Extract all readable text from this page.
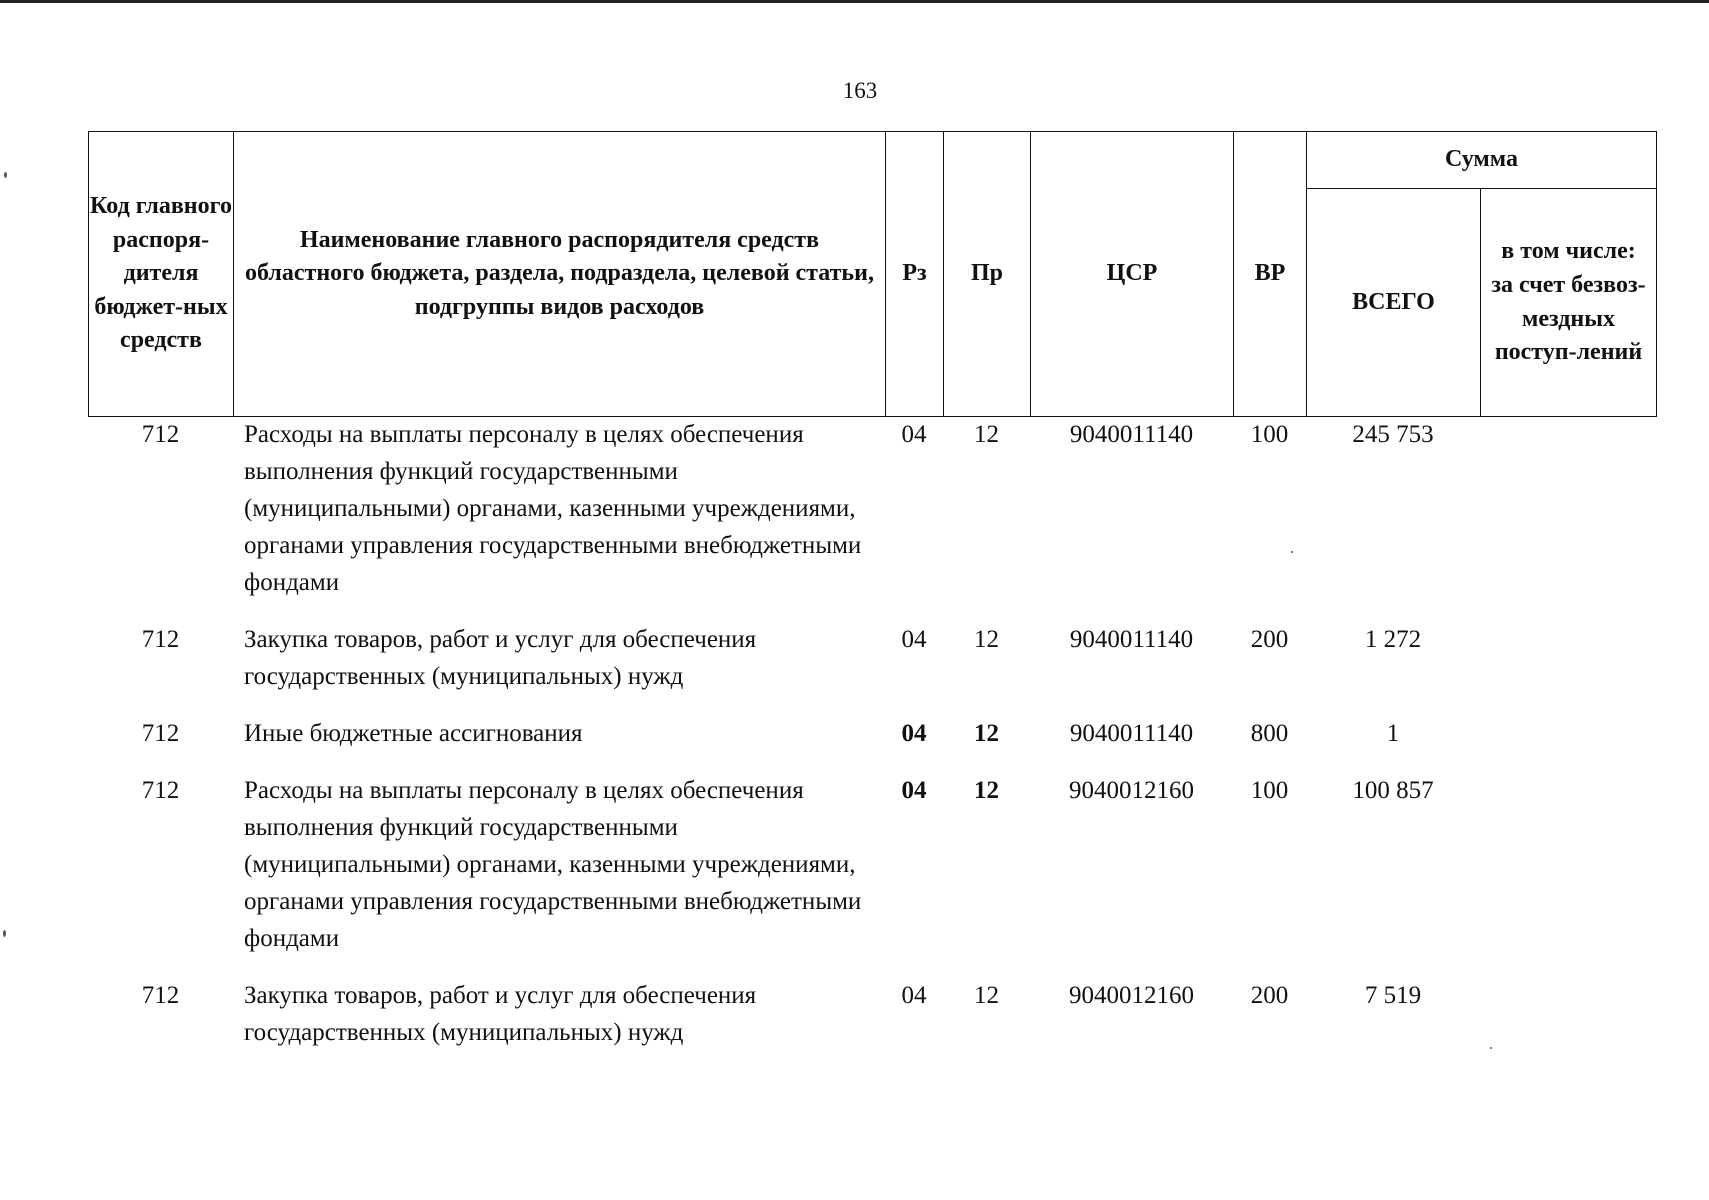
163
Код главного распоря-дителя бюджет-ных средств	Наименование главного распорядителя средств областного бюджета, раздела, подраздела, целевой статьи, подгруппы видов расходов	Рз	Пр	ЦСР	ВР	Сумма	
						ВСЕГО	в том числе: за счет безвоз-мездных поступ-лений
712	Расходы на выплаты персоналу в целях обеспечения выполнения функций государственными (муниципальными) органами, казенными учреждениями, органами управления государственными внебюджетными фондами	04	12	9040011140	100	245 753	
712	Закупка товаров, работ и услуг для обеспечения государственных (муниципальных) нужд	04	12	9040011140	200	1 272	
712	Иные бюджетные ассигнования	04	12	9040011140	800	1	
712	Расходы на выплаты персоналу в целях обеспечения выполнения функций государственными (муниципальными) органами, казенными учреждениями, органами управления государственными внебюджетными фондами	04	12	9040012160	100	100 857	
712	Закупка товаров, работ и услуг для обеспечения государственных (муниципальных) нужд	04	12	9040012160	200	7 519	
